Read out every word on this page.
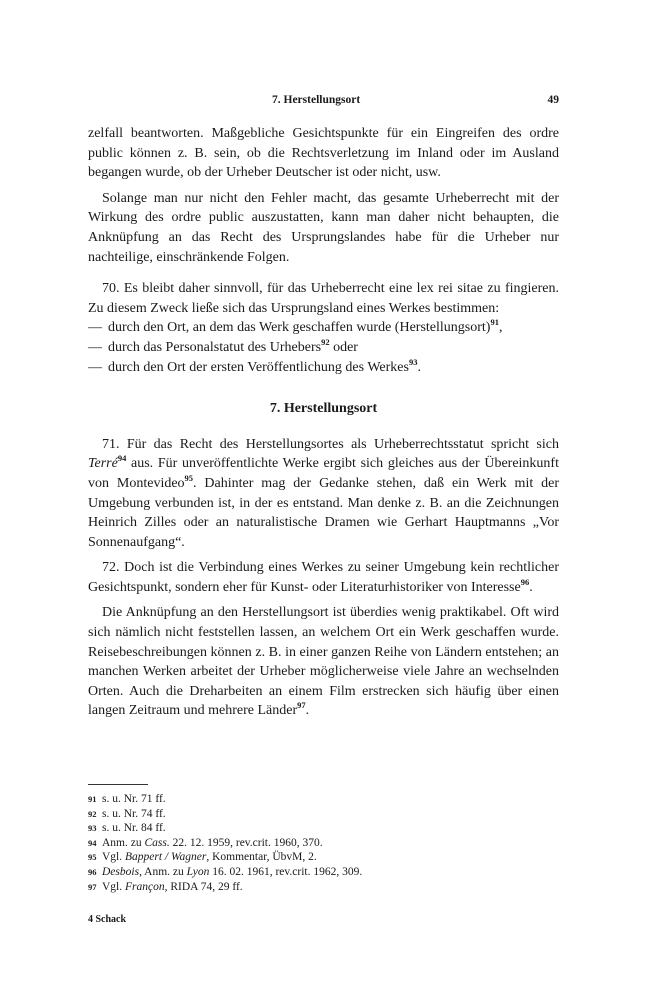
7. Herstellungsort	49

zelfall beantworten. Maßgebliche Gesichtspunkte für ein Eingreifen des ordre public können z. B. sein, ob die Rechtsverletzung im Inland oder im Ausland begangen wurde, ob der Urheber Deutscher ist oder nicht, usw.

Solange man nur nicht den Fehler macht, das gesamte Urheberrecht mit der Wirkung des ordre public auszustatten, kann man daher nicht behaupten, die Anknüpfung an das Recht des Ursprungslandes habe für die Urheber nur nachteilige, einschränkende Folgen.

70. Es bleibt daher sinnvoll, für das Urheberrecht eine lex rei sitae zu fingieren. Zu diesem Zweck ließe sich das Ursprungsland eines Werkes bestimmen:

— durch den Ort, an dem das Werk geschaffen wurde (Herstellungsort)$^{91}$,
— durch das Personalstatut des Urhebers$^{92}$ oder
— durch den Ort der ersten Veröffentlichung des Werkes$^{93}$.
7. Herstellungsort

71. Für das Recht des Herstellungsortes als Urheberrechtsstatut spricht sich Terré$^{94}$ aus. Für unveröffentlichte Werke ergibt sich gleiches aus der Übereinkunft von Montevideo$^{95}$. Dahinter mag der Gedanke stehen, daß ein Werk mit der Umgebung verbunden ist, in der es entstand. Man denke z. B. an die Zeichnungen Heinrich Zilles oder an naturalistische Dramen wie Gerhart Hauptmanns „Vor Sonnenaufgang“.

72. Doch ist die Verbindung eines Werkes zu seiner Umgebung kein rechtlicher Gesichtspunkt, sondern eher für Kunst- oder Literaturhistoriker von Interesse$^{96}$.

Die Anknüpfung an den Herstellungsort ist überdies wenig praktikabel. Oft wird sich nämlich nicht feststellen lassen, an welchem Ort ein Werk geschaffen wurde. Reisebeschreibungen können z. B. in einer ganzen Reihe von Ländern entstehen; an manchen Werken arbeitet der Urheber möglicherweise viele Jahre an wechselnden Orten. Auch die Dreharbeiten an einem Film erstrecken sich häufig über einen langen Zeitraum und mehrere Länder$^{97}$.

91 s. u. Nr. 71 ff.
92 s. u. Nr. 74 ff.
93 s. u. Nr. 84 ff.
94 Anm. zu Cass. 22. 12. 1959, rev.crit. 1960, 370.
95 Vgl. Bappert / Wagner, Kommentar, ÜbvM, 2.
96 Desbois, Anm. zu Lyon 16. 02. 1961, rev.crit. 1962, 309.
97 Vgl. Françon, RIDA 74, 29 ff.
4 Schack
